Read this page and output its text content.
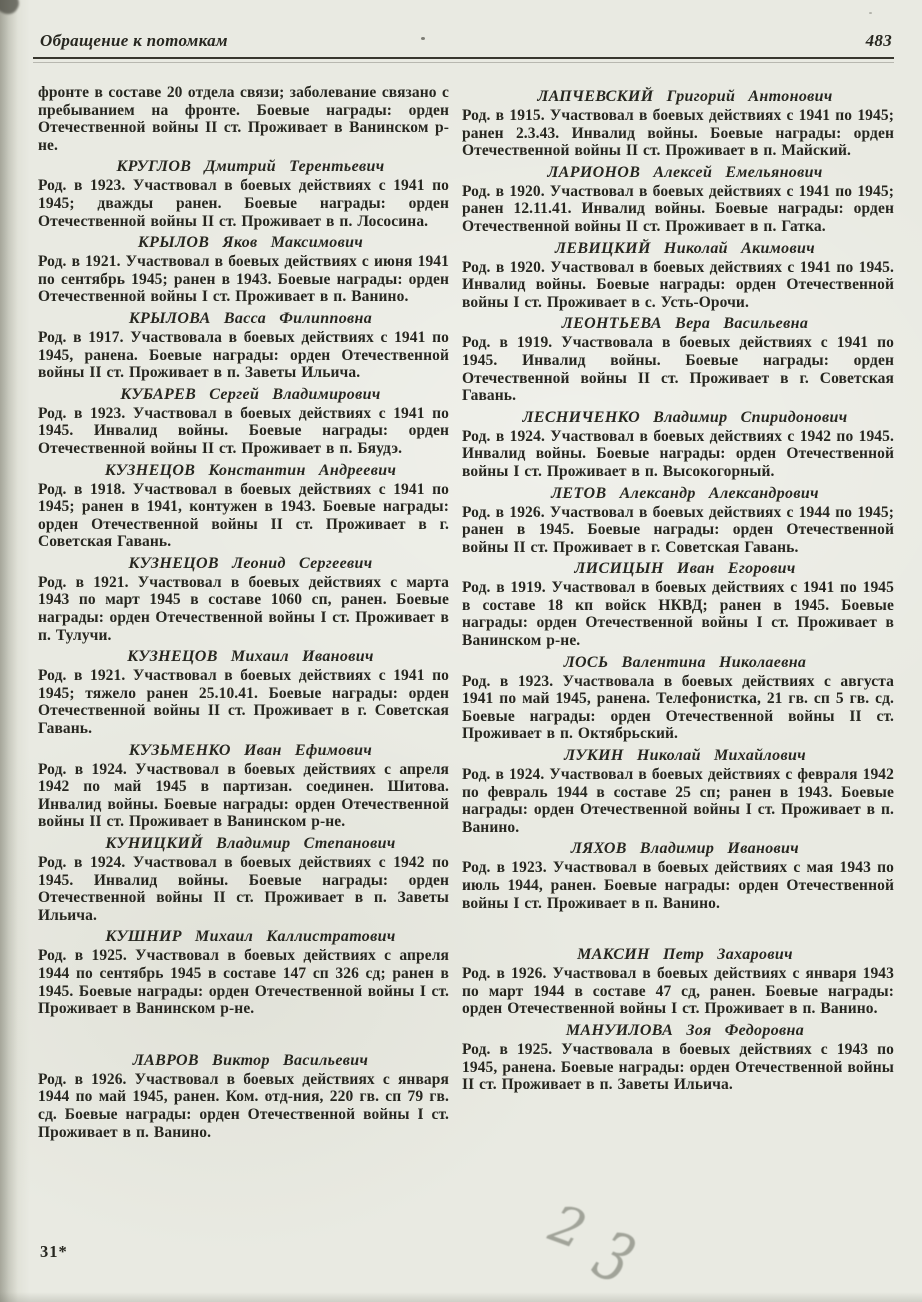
Обращение к потомкам	483

фронте в составе 20 отдела связи; заболевание связано с пребыванием на фронте. Боевые награды: орден Отечественной войны II ст. Проживает в Ванинском р-не.

КРУГЛОВ Дмитрий Терентьевич

Род. в 1923. Участвовал в боевых действиях с 1941 по 1945; дважды ранен. Боевые награды: орден Отечественной войны II ст. Проживает в п. Лососина.

КРЫЛОВ Яков Максимович

Род. в 1921. Участвовал в боевых действиях с июня 1941 по сентябрь 1945; ранен в 1943. Боевые награды: орден Отечественной войны I ст. Проживает в п. Ванино.

КРЫЛОВА Васса Филипповна

Род. в 1917. Участвовала в боевых действиях с 1941 по 1945, ранена. Боевые награды: орден Отечественной войны II ст. Проживает в п. Заветы Ильича.

КУБАРЕВ Сергей Владимирович

Род. в 1923. Участвовал в боевых действиях с 1941 по 1945. Инвалид войны. Боевые награды: орден Отечественной войны II ст. Проживает в п. Бяудэ.

КУЗНЕЦОВ Константин Андреевич

Род. в 1918. Участвовал в боевых действиях с 1941 по 1945; ранен в 1941, контужен в 1943. Боевые награды: орден Отечественной войны II ст. Проживает в г. Советская Гавань.

КУЗНЕЦОВ Леонид Сергеевич

Род. в 1921. Участвовал в боевых действиях с марта 1943 по март 1945 в составе 1060 сп, ранен. Боевые награды: орден Отечественной войны I ст. Проживает в п. Тулучи.

КУЗНЕЦОВ Михаил Иванович

Род. в 1921. Участвовал в боевых действиях с 1941 по 1945; тяжело ранен 25.10.41. Боевые награды: орден Отечественной войны II ст. Проживает в г. Советская Гавань.

КУЗЬМЕНКО Иван Ефимович

Род. в 1924. Участвовал в боевых действиях с апреля 1942 по май 1945 в партизан. соединен. Шитова. Инвалид войны. Боевые награды: орден Отечественной войны II ст. Проживает в Ванинском р-не.

КУНИЦКИЙ Владимир Степанович

Род. в 1924. Участвовал в боевых действиях с 1942 по 1945. Инвалид войны. Боевые награды: орден Отечественной войны II ст. Проживает в п. Заветы Ильича.

КУШНИР Михаил Каллистратович

Род. в 1925. Участвовал в боевых действиях с апреля 1944 по сентябрь 1945 в составе 147 сп 326 сд; ранен в 1945. Боевые награды: орден Отечественной войны I ст. Проживает в Ванинском р-не.

ЛАВРОВ Виктор Васильевич

Род. в 1926. Участвовал в боевых действиях с января 1944 по май 1945, ранен. Ком. отд-ния, 220 гв. сп 79 гв. сд. Боевые награды: орден Отечественной войны I ст. Проживает в п. Ванино.

ЛАПЧЕВСКИЙ Григорий Антонович

Род. в 1915. Участвовал в боевых действиях с 1941 по 1945; ранен 2.3.43. Инвалид войны. Боевые награды: орден Отечественной войны II ст. Проживает в п. Майский.

ЛАРИОНОВ Алексей Емельянович

Род. в 1920. Участвовал в боевых действиях с 1941 по 1945; ранен 12.11.41. Инвалид войны. Боевые награды: орден Отечественной войны II ст. Проживает в п. Гатка.

ЛЕВИЦКИЙ Николай Акимович

Род. в 1920. Участвовал в боевых действиях с 1941 по 1945. Инвалид войны. Боевые награды: орден Отечественной войны I ст. Проживает в с. Усть-Орочи.

ЛЕОНТЬЕВА Вера Васильевна

Род. в 1919. Участвовала в боевых действиях с 1941 по 1945. Инвалид войны. Боевые награды: орден Отечественной войны II ст. Проживает в г. Советская Гавань.

ЛЕСНИЧЕНКО Владимир Спиридонович

Род. в 1924. Участвовал в боевых действиях с 1942 по 1945. Инвалид войны. Боевые награды: орден Отечественной войны I ст. Проживает в п. Высокогорный.

ЛЕТОВ Александр Александрович

Род. в 1926. Участвовал в боевых действиях с 1944 по 1945; ранен в 1945. Боевые награды: орден Отечественной войны II ст. Проживает в г. Советская Гавань.

ЛИСИЦЫН Иван Егорович

Род. в 1919. Участвовал в боевых действиях с 1941 по 1945 в составе 18 кп войск НКВД; ранен в 1945. Боевые награды: орден Отечественной войны I ст. Проживает в Ванинском р-не.

ЛОСЬ Валентина Николаевна

Род. в 1923. Участвовала в боевых действиях с августа 1941 по май 1945, ранена. Телефонистка, 21 гв. сп 5 гв. сд. Боевые награды: орден Отечественной войны II ст. Проживает в п. Октябрьский.

ЛУКИН Николай Михайлович

Род. в 1924. Участвовал в боевых действиях с февраля 1942 по февраль 1944 в составе 25 сп; ранен в 1943. Боевые награды: орден Отечественной войны I ст. Проживает в п. Ванино.

ЛЯХОВ Владимир Иванович

Род. в 1923. Участвовал в боевых действиях с мая 1943 по июль 1944, ранен. Боевые награды: орден Отечественной войны I ст. Проживает в п. Ванино.

МАКСИН Петр Захарович

Род. в 1926. Участвовал в боевых действиях с января 1943 по март 1944 в составе 47 сд, ранен. Боевые награды: орден Отечественной войны I ст. Проживает в п. Ванино.

МАНУИЛОВА Зоя Федоровна

Род. в 1925. Участвовала в боевых действиях с 1943 по 1945, ранена. Боевые награды: орден Отечественной войны II ст. Проживает в п. Заветы Ильича.

31*	2 3
